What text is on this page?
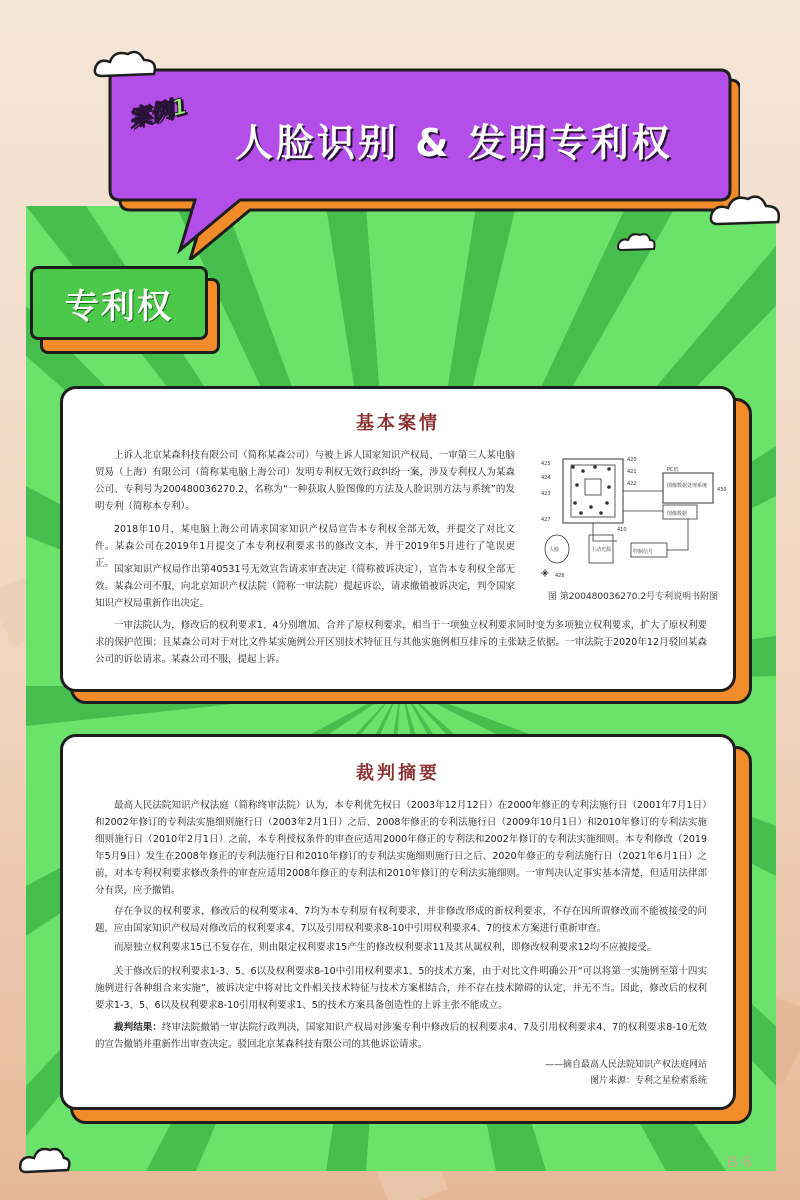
案例1
人脸识别 & 发明专利权
专利权
基本案情

上诉人北京某森科技有限公司（简称某森公司）与被上诉人国家知识产权局、一审第三人某电脑贸易（上海）有限公司（简称某电脑上海公司）发明专利权无效行政纠纷一案，涉及专利权人为某森公司、专利号为200480036270.2、名称为“一种获取人脸图像的方法及人脸识别方法与系统”的发明专利（简称本专利）。

2018年10月，某电脑上海公司请求国家知识产权局宣告本专利权全部无效，并提交了对比文件。某森公司在2019年1月提交了本专利权利要求书的修改文本，并于2019年5月进行了笔误更正。

国家知识产权局作出第40531号无效宣告请求审查决定（简称被诉决定），宣告本专利权全部无效。某森公司不服，向北京知识产权法院（简称一审法院）提起诉讼，请求撤销被诉决定，判令国家知识产权局重新作出决定。

一审法院认为，修改后的权利要求1、4分别增加、合并了原权利要求，相当于一项独立权利要求同时变为多项独立权利要求，扩大了原权利要求的保护范围；且某森公司对于对比文件某实施例公开区别技术特征且与其他实施例相互排斥的主张缺乏依据。一审法院于2020年12月驳回某森公司的诉讼请求。某森公司不服，提起上诉。

425
420
424
421
423
422
427
PC机
图像数据处理系统
430
410
控制信号
图像数据
人脸	主动光源
426
图 第200480036270.2号专利说明书附图
裁判摘要

最高人民法院知识产权法庭（简称终审法院）认为，本专利优先权日（2003年12月12日）在2000年修正的专利法施行日（2001年7月1日）和2002年修订的专利法实施细则施行日（2003年2月1日）之后、2008年修正的专利法施行日（2009年10月1日）和2010年修订的专利法实施细则施行日（2010年2月1日）之前，本专利授权条件的审查应适用2000年修正的专利法和2002年修订的专利法实施细则。本专利修改（2019年5月9日）发生在2008年修正的专利法施行日和2010年修订的专利法实施细则施行日之后、2020年修正的专利法施行日（2021年6月1日）之前，对本专利权利要求修改条件的审查应适用2008年修正的专利法和2010年修订的专利法实施细则。一审判决认定事实基本清楚，但适用法律部分有误，应予撤销。

存在争议的权利要求，修改后的权利要求4、7均为本专利原有权利要求，并非修改形成的新权利要求，不存在因所谓修改而不能被接受的问题，应由国家知识产权局对修改后的权利要求4、7以及引用权利要求8-10中引用权利要求4、7的技术方案进行重新审查。

而原独立权利要求15已不复存在，则由限定权利要求15产生的修改权利要求11及其从属权利，即修改权利要求12均不应被接受。

关于修改后的权利要求1-3、5、6以及权利要求8-10中引用权利要求1、5的技术方案，由于对比文件明确公开“可以将第一实施例至第十四实施例进行各种组合来实施”，被诉决定中将对比文件相关技术特征与技术方案相结合，并不存在技术障碍的认定，并无不当。因此，修改后的权利要求1-3、5、6以及权利要求8-10引用权利要求1、5的技术方案具备创造性的上诉主张不能成立。

裁判结果：终审法院撤销一审法院行政判决，国家知识产权局对涉案专利中修改后的权利要求4、7及引用权利要求4、7的权利要求8-10无效的宣告撤销并重新作出审查决定。驳回北京某森科技有限公司的其他诉讼请求。

——摘自最高人民法院知识产权法庭网站
图片来源：专利之星检索系统
B-6
